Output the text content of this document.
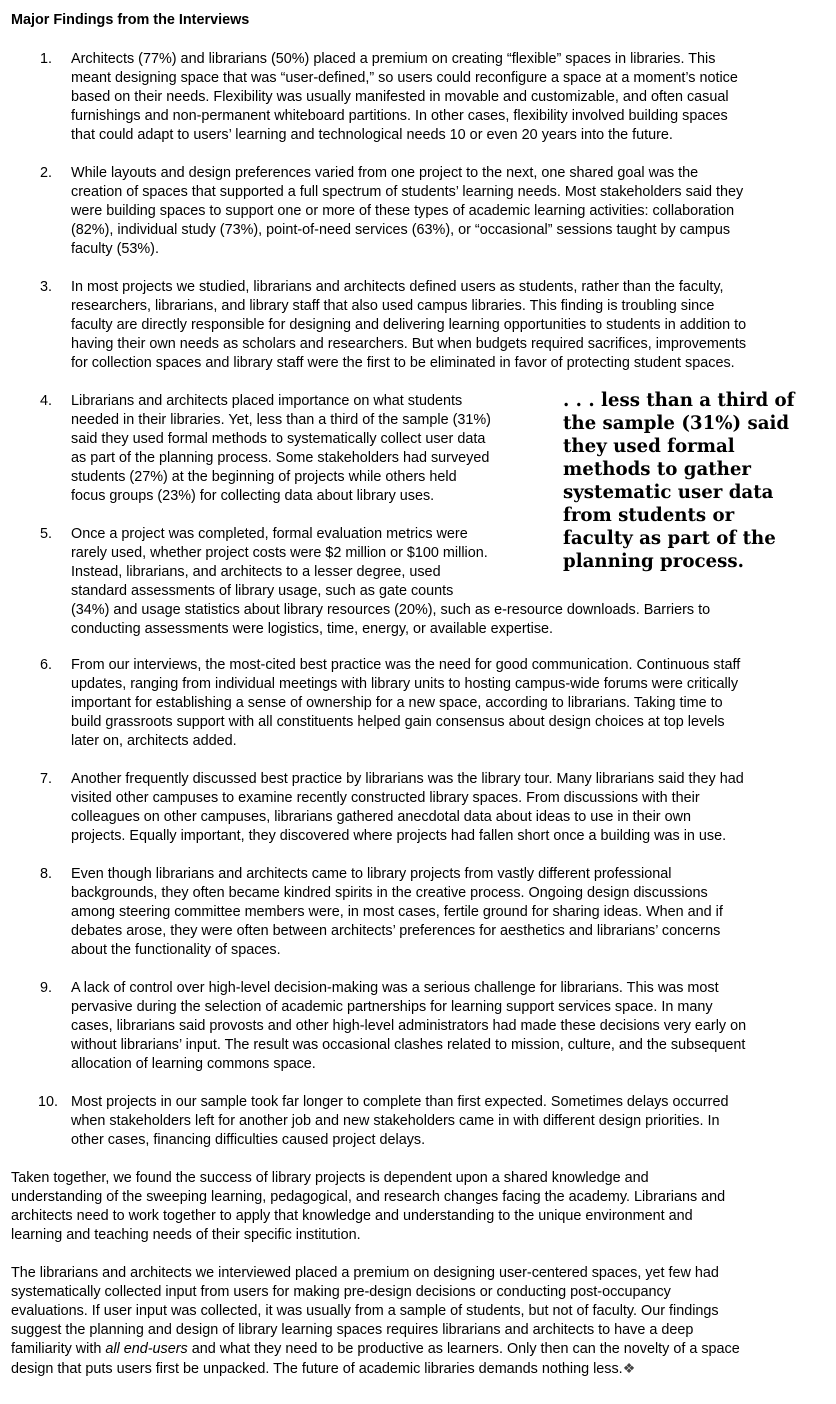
Major Findings from the Interviews
1.	Architects (77%) and librarians (50%) placed a premium on creating “flexible” spaces in libraries. This
meant designing space that was “user-defined,” so users could reconfigure a space at a moment’s notice
based on their needs. Flexibility was usually manifested in movable and customizable, and often casual
furnishings and non-permanent whiteboard partitions. In other cases, flexibility involved building spaces
that could adapt to users’ learning and technological needs 10 or even 20 years into the future.
2.	While layouts and design preferences varied from one project to the next, one shared goal was the
creation of spaces that supported a full spectrum of students’ learning needs. Most stakeholders said they
were building spaces to support one or more of these types of academic learning activities: collaboration
(82%), individual study (73%), point-of-need services (63%), or “occasional” sessions taught by campus
faculty (53%).
3.	In most projects we studied, librarians and architects defined users as students, rather than the faculty,
researchers, librarians, and library staff that also used campus libraries. This finding is troubling since
faculty are directly responsible for designing and delivering learning opportunities to students in addition to
having their own needs as scholars and researchers. But when budgets required sacrifices, improvements
for collection spaces and library staff were the first to be eliminated in favor of protecting student spaces.
4.	Librarians and architects placed importance on what students
needed in their libraries. Yet, less than a third of the sample (31%)
said they used formal methods to systematically collect user data
as part of the planning process. Some stakeholders had surveyed
students (27%) at the beginning of projects while others held
focus groups (23%) for collecting data about library uses.
5.	Once a project was completed, formal evaluation metrics were
rarely used, whether project costs were $2 million or $100 million.
Instead, librarians, and architects to a lesser degree, used
standard assessments of library usage, such as gate counts
(34%) and usage statistics about library resources (20%), such as e-resource downloads. Barriers to
conducting assessments were logistics, time, energy, or available expertise.
. . . less than a third of
the sample (31%) said
they used formal
methods to gather
systematic user data
from students or
faculty as part of the
planning process.
6.	From our interviews, the most-cited best practice was the need for good communication. Continuous staff
updates, ranging from individual meetings with library units to hosting campus-wide forums were critically
important for establishing a sense of ownership for a new space, according to librarians. Taking time to
build grassroots support with all constituents helped gain consensus about design choices at top levels
later on, architects added.
7.	Another frequently discussed best practice by librarians was the library tour. Many librarians said they had
visited other campuses to examine recently constructed library spaces. From discussions with their
colleagues on other campuses, librarians gathered anecdotal data about ideas to use in their own
projects. Equally important, they discovered where projects had fallen short once a building was in use.
8.	Even though librarians and architects came to library projects from vastly different professional
backgrounds, they often became kindred spirits in the creative process. Ongoing design discussions
among steering committee members were, in most cases, fertile ground for sharing ideas. When and if
debates arose, they were often between architects’ preferences for aesthetics and librarians’ concerns
about the functionality of spaces.
9.	A lack of control over high-level decision-making was a serious challenge for librarians. This was most
pervasive during the selection of academic partnerships for learning support services space. In many
cases, librarians said provosts and other high-level administrators had made these decisions very early on
without librarians’ input. The result was occasional clashes related to mission, culture, and the subsequent
allocation of learning commons space.
10. Most projects in our sample took far longer to complete than first expected. Sometimes delays occurred
when stakeholders left for another job and new stakeholders came in with different design priorities. In
other cases, financing difficulties caused project delays.
Taken together, we found the success of library projects is dependent upon a shared knowledge and
understanding of the sweeping learning, pedagogical, and research changes facing the academy. Librarians and
architects need to work together to apply that knowledge and understanding to the unique environment and
learning and teaching needs of their specific institution.
The librarians and architects we interviewed placed a premium on designing user-centered spaces, yet few had
systematically collected input from users for making pre-design decisions or conducting post-occupancy
evaluations. If user input was collected, it was usually from a sample of students, but not of faculty. Our findings
suggest the planning and design of library learning spaces requires librarians and architects to have a deep
familiarity with all end-users and what they need to be productive as learners. Only then can the novelty of a space
design that puts users first be unpacked. The future of academic libraries demands nothing less.❖
